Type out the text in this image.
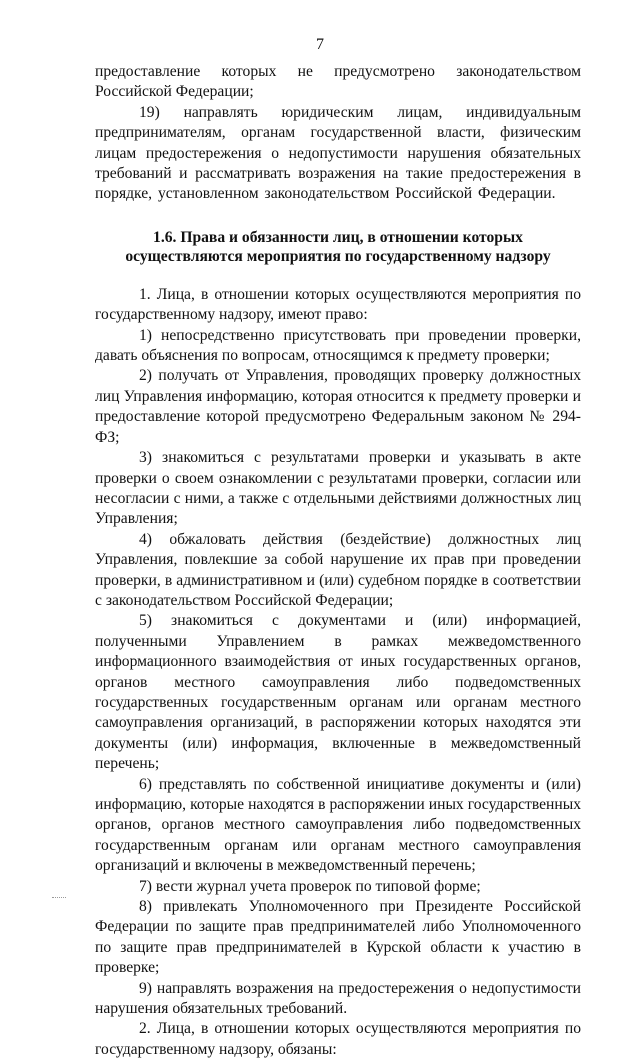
7

предоставление которых не предусмотрено законодательством Российской Федерации;

19) направлять юридическим лицам, индивидуальным предпринимателям, органам государственной власти, физическим лицам предостережения о недопустимости нарушения обязательных требований и рассматривать возражения на такие предостережения в порядке, установленном законодательством Российской Федерации.

1.6. Права и обязанности лиц, в отношении которых осуществляются мероприятия по государственному надзору

1. Лица, в отношении которых осуществляются мероприятия по государственному надзору, имеют право:

1) непосредственно присутствовать при проведении проверки, давать объяснения по вопросам, относящимся к предмету проверки;

2) получать от Управления, проводящих проверку должностных лиц Управления информацию, которая относится к предмету проверки и предоставление которой предусмотрено Федеральным законом № 294-ФЗ;

3) знакомиться с результатами проверки и указывать в акте проверки о своем ознакомлении с результатами проверки, согласии или несогласии с ними, а также с отдельными действиями должностных лиц Управления;

4) обжаловать действия (бездействие) должностных лиц Управления, повлекшие за собой нарушение их прав при проведении проверки, в административном и (или) судебном порядке в соответствии с законодательством Российской Федерации;

5) знакомиться с документами и (или) информацией, полученными Управлением в рамках межведомственного информационного взаимодействия от иных государственных органов, органов местного самоуправления либо подведомственных государственных государственным органам или органам местного самоуправления организаций, в распоряжении которых находятся эти документы (или) информация, включенные в межведомственный перечень;

6) представлять по собственной инициативе документы и (или) информацию, которые находятся в распоряжении иных государственных органов, органов местного самоуправления либо подведомственных государственным органам или органам местного самоуправления организаций и включены в межведомственный перечень;

7) вести журнал учета проверок по типовой форме;

8) привлекать Уполномоченного при Президенте Российской Федерации по защите прав предпринимателей либо Уполномоченного по защите прав предпринимателей в Курской области к участию в проверке;

9) направлять возражения на предостережения о недопустимости нарушения обязательных требований.

2. Лица, в отношении которых осуществляются мероприятия по государственному надзору, обязаны:
